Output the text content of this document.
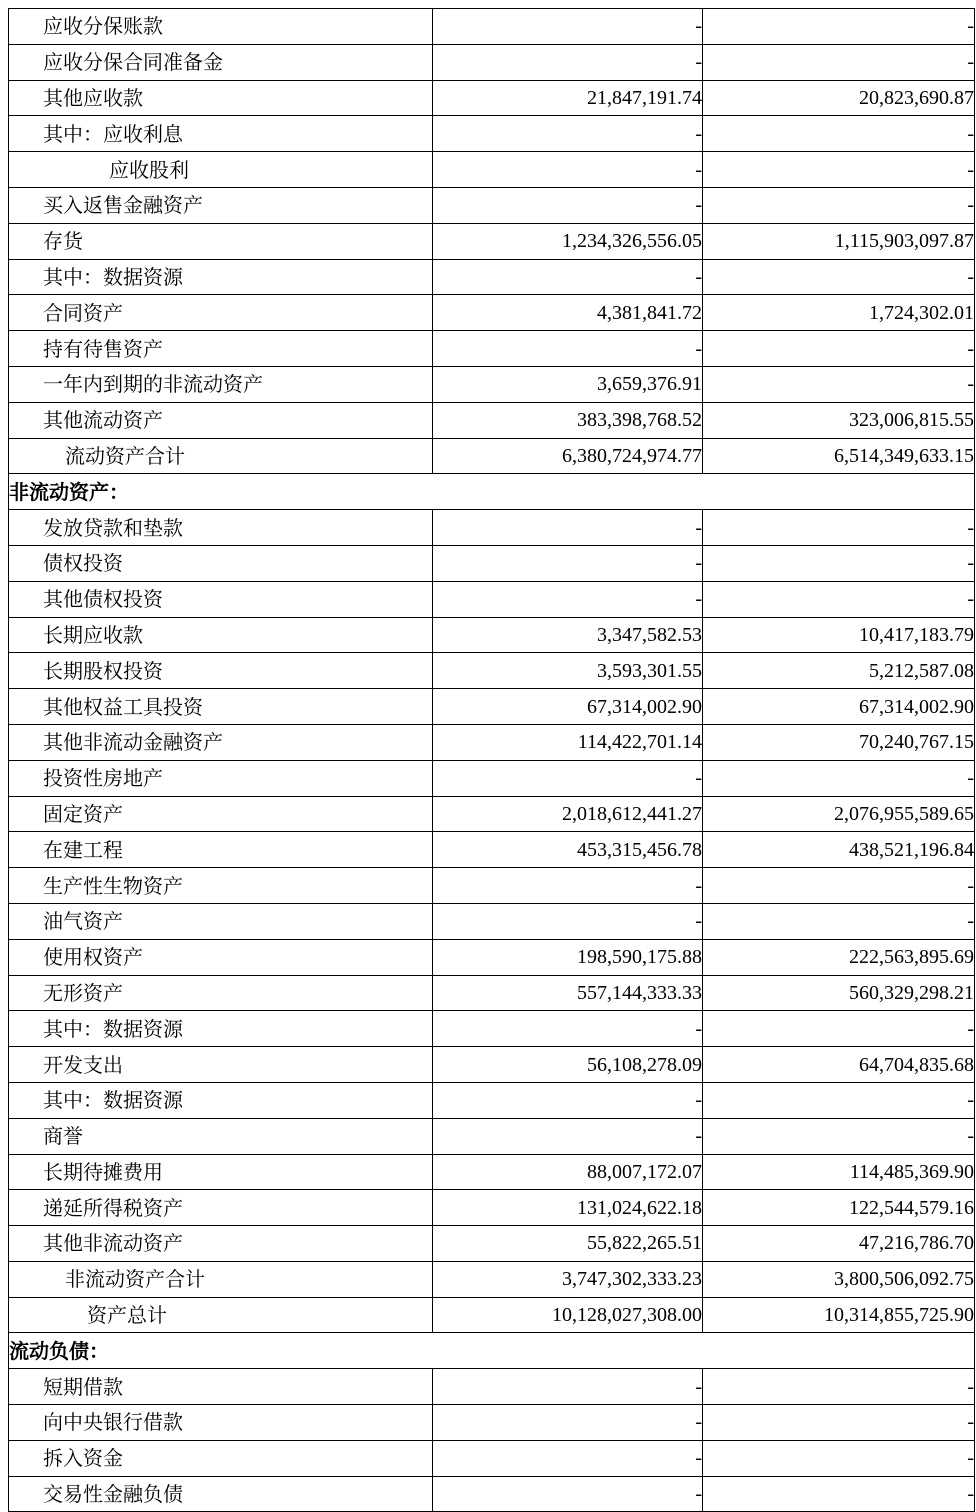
应收分保账款	-	-
应收分保合同准备金	-	-
其他应收款	21,847,191.74	20,823,690.87
其中：应收利息	-	-
应收股利	-	-
买入返售金融资产	-	-
存货	1,234,326,556.05	1,115,903,097.87
其中：数据资源	-	-
合同资产	4,381,841.72	1,724,302.01
持有待售资产	-	-
一年内到期的非流动资产	3,659,376.91	-
其他流动资产	383,398,768.52	323,006,815.55
流动资产合计	6,380,724,974.77	6,514,349,633.15
非流动资产：		
发放贷款和垫款	-	-
债权投资	-	-
其他债权投资	-	-
长期应收款	3,347,582.53	10,417,183.79
长期股权投资	3,593,301.55	5,212,587.08
其他权益工具投资	67,314,002.90	67,314,002.90
其他非流动金融资产	114,422,701.14	70,240,767.15
投资性房地产	-	-
固定资产	2,018,612,441.27	2,076,955,589.65
在建工程	453,315,456.78	438,521,196.84
生产性生物资产	-	-
油气资产	-	-
使用权资产	198,590,175.88	222,563,895.69
无形资产	557,144,333.33	560,329,298.21
其中：数据资源	-	-
开发支出	56,108,278.09	64,704,835.68
其中：数据资源	-	-
商誉	-	-
长期待摊费用	88,007,172.07	114,485,369.90
递延所得税资产	131,024,622.18	122,544,579.16
其他非流动资产	55,822,265.51	47,216,786.70
非流动资产合计	3,747,302,333.23	3,800,506,092.75
资产总计	10,128,027,308.00	10,314,855,725.90
流动负债：		
短期借款	-	-
向中央银行借款	-	-
拆入资金	-	-
交易性金融负债	-	-
